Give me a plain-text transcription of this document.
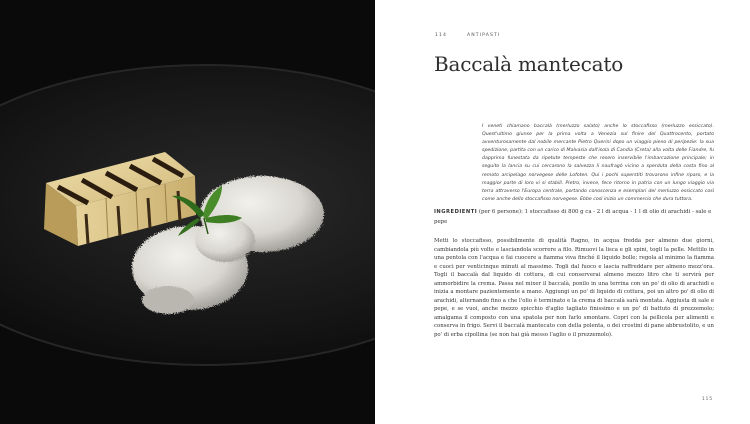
114	ANTIPASTI
Baccalà mantecato

I veneti chiamano baccalà (merluzzo salato) anche lo stoccafisso (merluzzo essiccato). Quest'ultimo giunse per la prima volta a Venezia sul finire del Quattrocento, portato avventurosamente dal nobile mercante Pietro Querini dopo un viaggio pieno di peripezie: la sua spedizione, partita con un carico di Malvasia dall'isola di Candia (Creta) alla volta delle Fiandre, fu dapprima funestata da ripetute tempeste che resero inservibile l'imbarcazione principale; in seguito la lancia su cui cercarono la salvezza li naufragò vicino a sperduta della costa fino al remoto arcipelago norvegese delle Lofoten. Qui i pochi superstiti trovarono infine riparo, e la maggior parte di loro vi si stabilì. Pietro, invece, fece ritorno in patria con un lungo viaggio via terra attraverso l'Europa centrale, portando conoscenza e esemplari del merluzzo essiccato così come anche dello stoccafisso norvegese. Ebbe così inizio un commercio che dura tuttora.

INGREDIENTI (per 6 persone): 1 stoccafisso di 800 g ca - 2 l di acqua - 1 l di olio di arachidi - sale e pepe

Metti lo stoccafisso, possibilmente di qualità Ragno, in acqua fredda per almeno due giorni, cambiandola più volte e lasciandola scorrere a filo. Rimuovi la lisca e gli spini, togli la pelle. Mettilo in una pentola con l'acqua e fai cuocere a fiamma viva finché il liquido bolle; regola al minimo la fiamma e cuoci per venticinque minuti al massimo. Togli dal fuoco e lascia raffreddare per almeno mezz'ora. Togli il baccalà dal liquido di cottura, di cui conserverai almeno mezzo litro che ti servirà per ammorbidire la crema. Passa nel mixer il baccalà, ponilo in una terrina con un po' di olio di arachidi e inizia a montare pazientemente a mano. Aggiungi un po' di liquido di cottura, poi un altro po' di olio di arachidi, alternando fino a che l'olio è terminato e la crema di baccalà sarà montata. Aggiusta di sale e pepe, e se vuoi, anche mezzo spicchio d'aglio tagliato finissimo e un po' di battuto di prezzemolo; amalgama il composto con una spatola per non farlo smontare. Copri con la pellicola per alimenti e conserva in frigo. Servi il baccalà mantecato con della polenta, o dei crostini di pane abbrustolito, e un po' di erba cipollina (se non hai già messo l'aglio o il prezzemolo).

115
